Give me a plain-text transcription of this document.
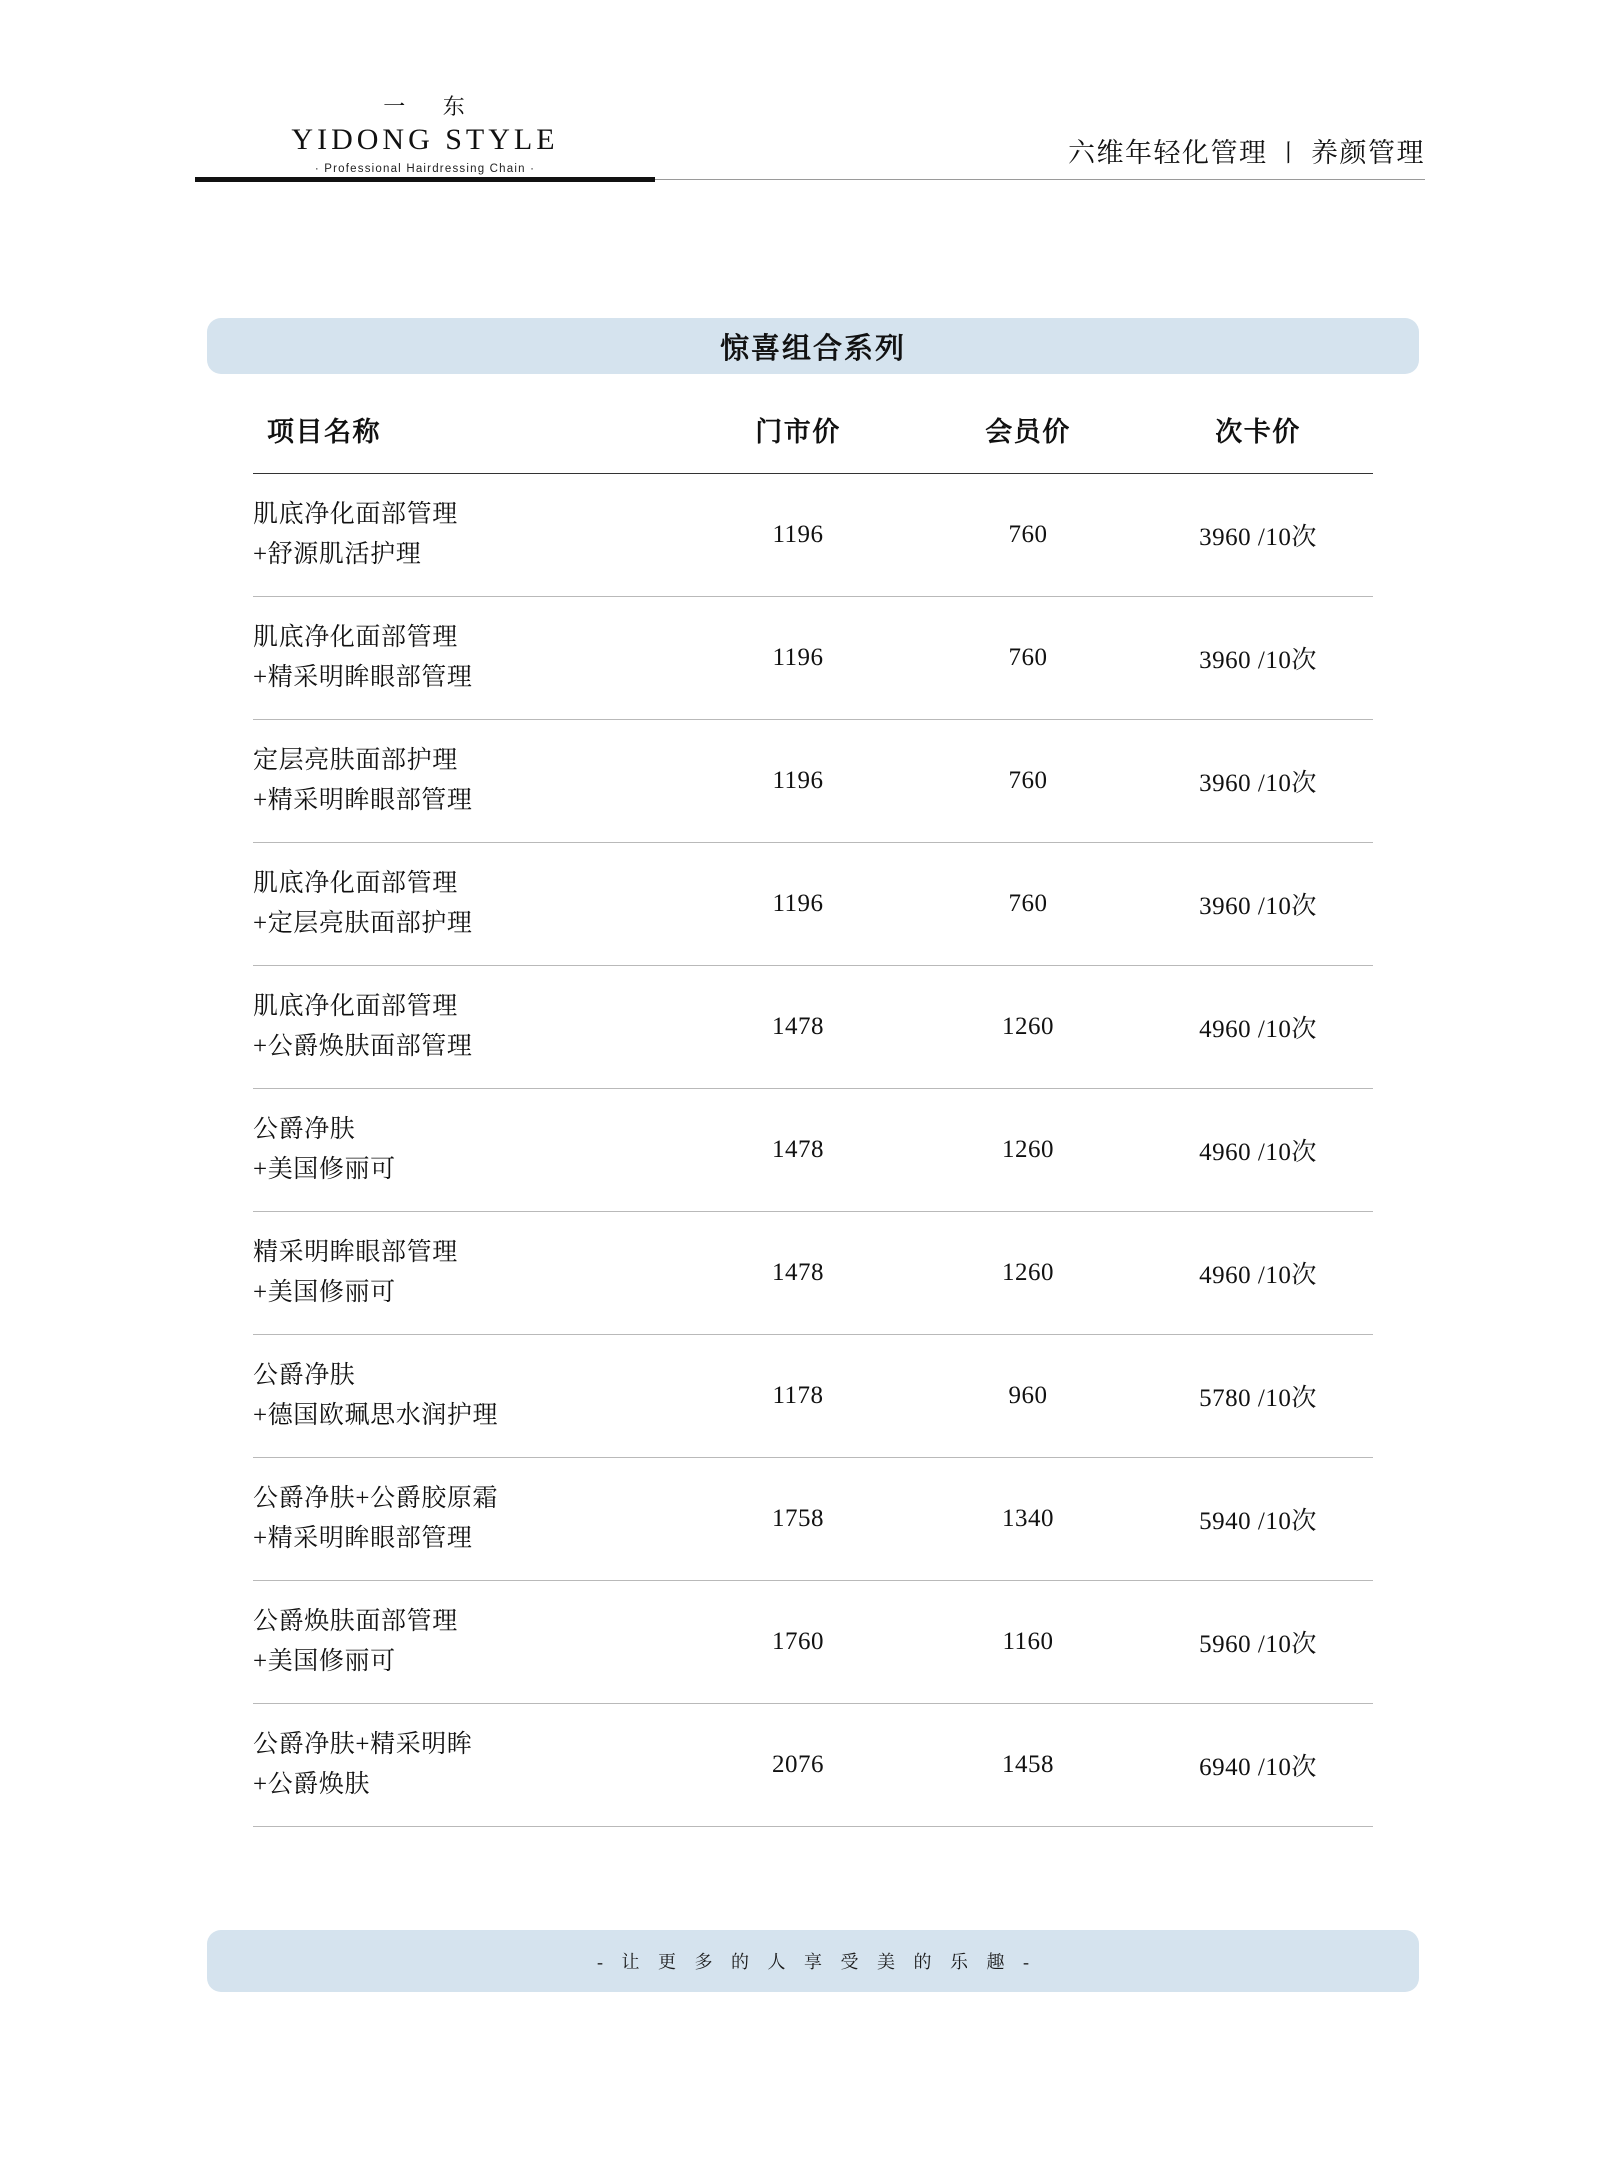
一 东
YIDONG STYLE
· Professional Hairdressing Chain ·
六维年轻化管理 丨 养颜管理
惊喜组合系列
项目名称	门市价	会员价	次卡价
肌底净化面部管理
+舒源肌活护理	1196	760	3960 /10次
肌底净化面部管理
+精采明眸眼部管理	1196	760	3960 /10次
定层亮肤面部护理
+精采明眸眼部管理	1196	760	3960 /10次
肌底净化面部管理
+定层亮肤面部护理	1196	760	3960 /10次
肌底净化面部管理
+公爵焕肤面部管理	1478	1260	4960 /10次
公爵净肤
+美国修丽可	1478	1260	4960 /10次
精采明眸眼部管理
+美国修丽可	1478	1260	4960 /10次
公爵净肤
+德国欧珮思水润护理	1178	960	5780 /10次
公爵净肤+公爵胶原霜
+精采明眸眼部管理	1758	1340	5940 /10次
公爵焕肤面部管理
+美国修丽可	1760	1160	5960 /10次
公爵净肤+精采明眸
+公爵焕肤	2076	1458	6940 /10次
- 让 更 多 的 人 享 受 美 的 乐 趣 -
